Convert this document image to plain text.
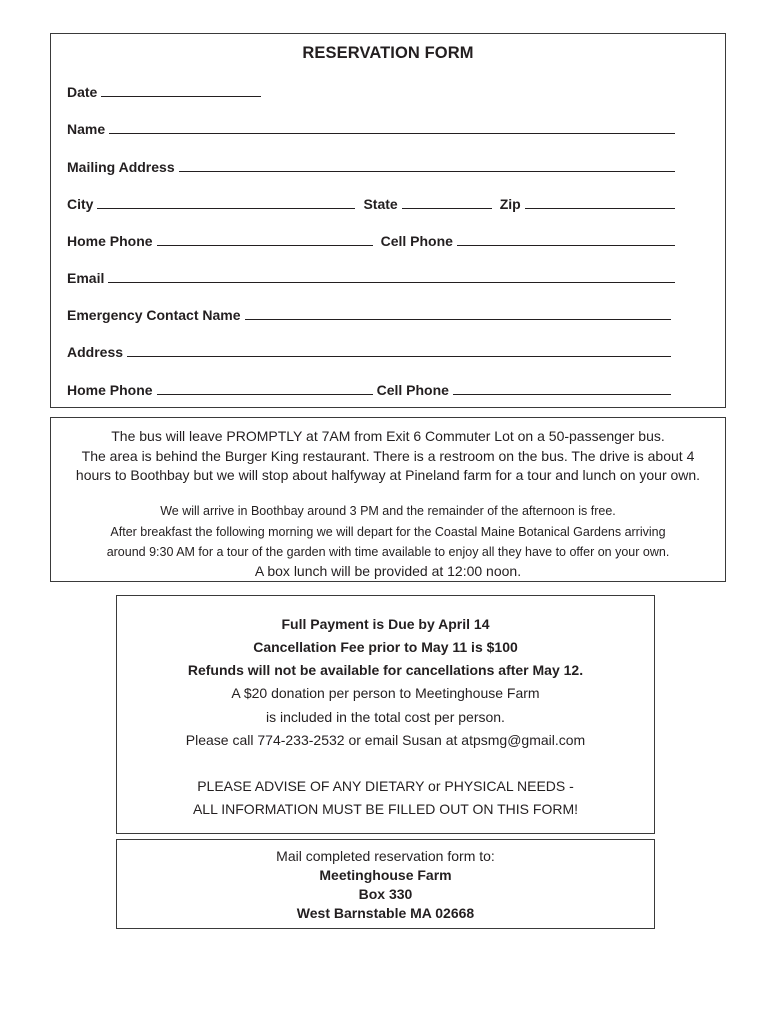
RESERVATION FORM
Date
Name
Mailing Address
City	State	Zip
Home Phone	Cell Phone
Email
Emergency Contact Name
Address
Home Phone	Cell Phone

The bus will leave PROMPTLY at 7AM from Exit 6 Commuter Lot on a 50-passenger bus.
The area is behind the Burger King restaurant. There is a restroom on the bus. The drive is about 4
hours to Boothbay but we will stop about halfyway at Pineland farm for a tour and lunch on your own.

We will arrive in Boothbay around 3 PM and the remainder of the afternoon is free.
After breakfast the following morning we will depart for the Coastal Maine Botanical Gardens arriving
around 9:30 AM for a tour of the garden with time available to enjoy all they have to offer on your own.
A box lunch will be provided at 12:00 noon.

Full Payment is Due by April 14
Cancellation Fee prior to May 11 is $100
Refunds will not be available for cancellations after May 12.
A $20 donation per person to Meetinghouse Farm
is included in the total cost per person.
Please call 774-233-2532 or email Susan at atpsmg@gmail.com
PLEASE ADVISE OF ANY DIETARY or PHYSICAL NEEDS -
ALL INFORMATION MUST BE FILLED OUT ON THIS FORM!
Mail completed reservation form to:
Meetinghouse Farm
Box 330
West Barnstable MA 02668
